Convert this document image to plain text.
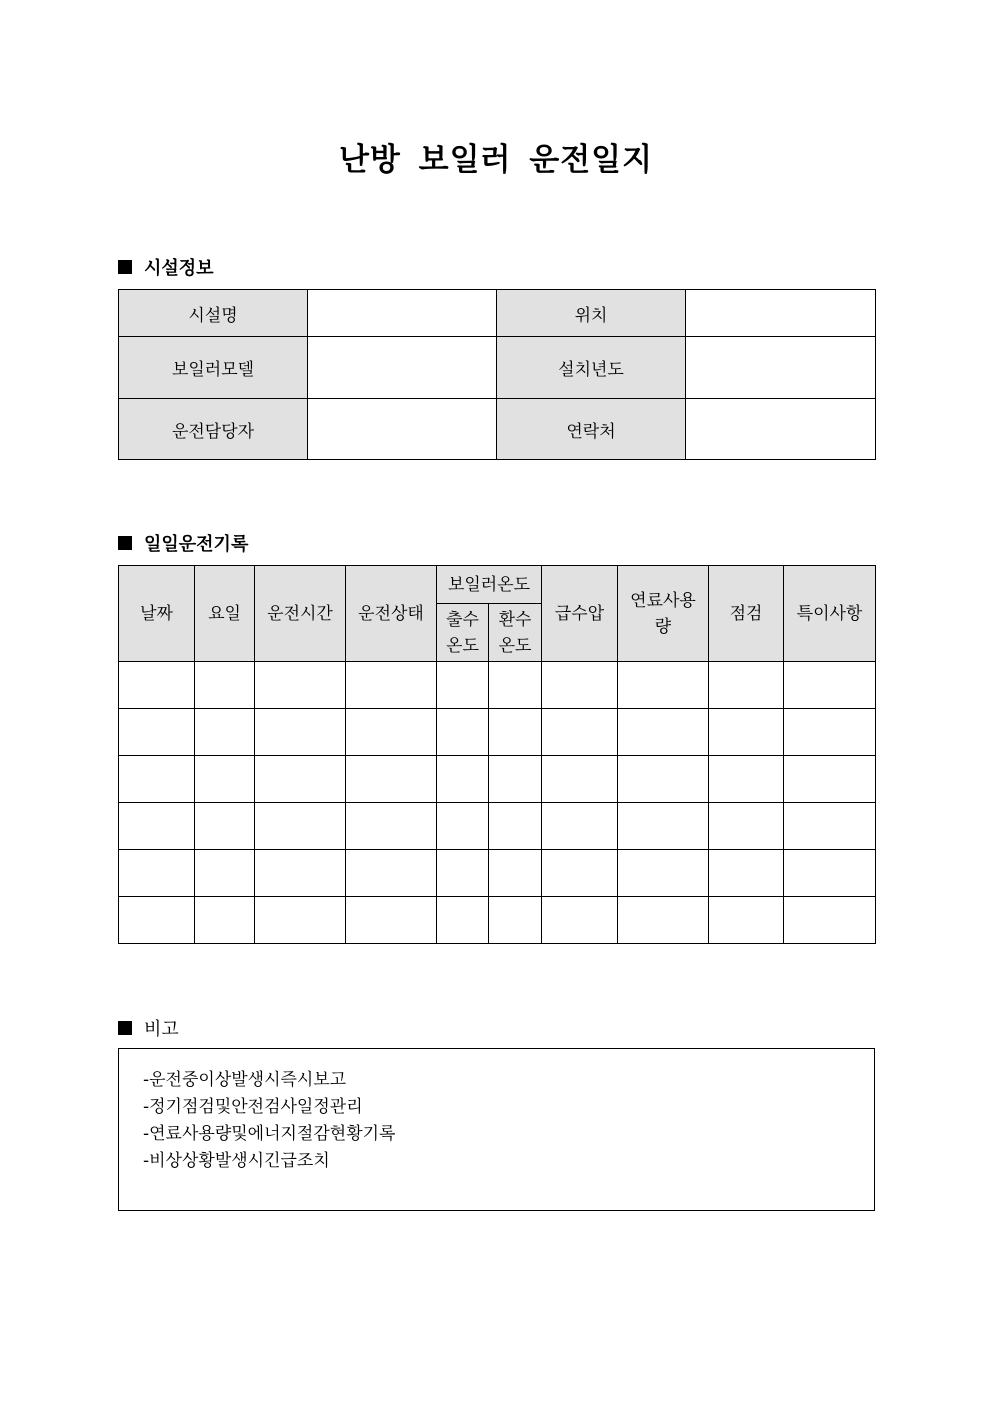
난방 보일러 운전일지
시설정보
시설명		위치	
보일러모델		설치년도	
운전담당자		연락처	
일일운전기록
날짜	요일	운전시간	운전상태	보일러온도		급수압	연료사용량	점검	특이사항
				출수온도	환수온도				

비고
-운전중이상발생시즉시보고
-정기점검및안전검사일정관리
-연료사용량및에너지절감현황기록
-비상상황발생시긴급조치
